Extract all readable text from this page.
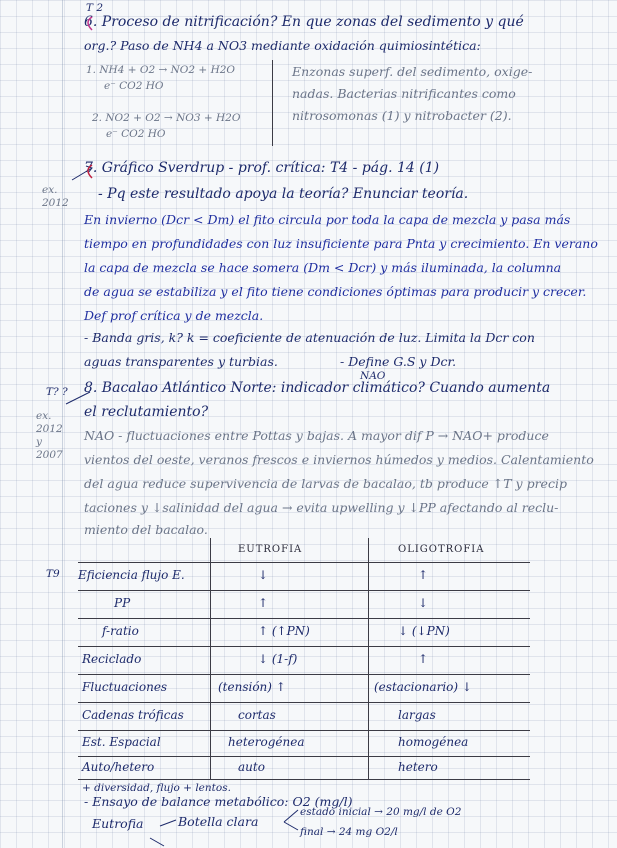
T 2
6. Proceso de nitrificación? En que zonas del sedimento y qué
org.? Paso de NH4 a NO3 mediante oxidación quimiosintética:
1. NH4 + O2 → NO2 + H2O
e⁻ CO2 HO
2. NO2 + O2 → NO3 + H2O
e⁻ CO2 HO
Enzonas superf. del sedimento, oxige-
nadas. Bacterias nitrificantes como
nitrosomonas (1) y nitrobacter (2).
ex. 2012
7. Gráfico Sverdrup - prof. crítica: T4 - pág. 14 (1)
- Pq este resultado apoya la teoría? Enunciar teoría.
En invierno (Dcr < Dm) el fito circula por toda la capa de mezcla y pasa más
tiempo en profundidades con luz insuficiente para Pnta y crecimiento. En verano
la capa de mezcla se hace somera (Dm < Dcr) y más iluminada, la columna
de agua se estabiliza y el fito tiene condiciones óptimas para producir y crecer.
Def prof crítica y de mezcla.
- Banda gris, k? k = coeficiente de atenuación de luz. Limita la Dcr con
aguas transparentes y turbias.	- Define G.S y Dcr.
NAO
T? ?
ex. 2012 y 2007
8. Bacalao Atlántico Norte: indicador climático? Cuando aumenta
el reclutamiento?
NAO - fluctuaciones entre Pottas y bajas. A mayor dif P → NAO+ produce
vientos del oeste, veranos frescos e inviernos húmedos y medios. Calentamiento
del agua reduce supervivencia de larvas de bacalao, tb produce ↑T y precip
taciones y ↓salinidad del agua → evita upwelling y ↓PP afectando al reclu-
miento del bacalao.
T9
EUTROFIA	OLIGOTROFIA
Eficiencia flujo E.	↓	↑
PP	↑	↓
f-ratio	↑ (↑PN)	↓ (↓PN)
Reciclado	↓ (1-f)	↑
Fluctuaciones	(tensión) ↑	(estacionario) ↓
Cadenas tróficas	cortas	largas
Est. Espacial	heterogénea	homogénea
Auto/hetero	auto	hetero
+ diversidad, flujo + lentos.
- Ensayo de balance metabólico: O2 (mg/l)
Eutrofia	Botella clara
estado inicial → 20 mg/l de O2
final → 24 mg O2/l
